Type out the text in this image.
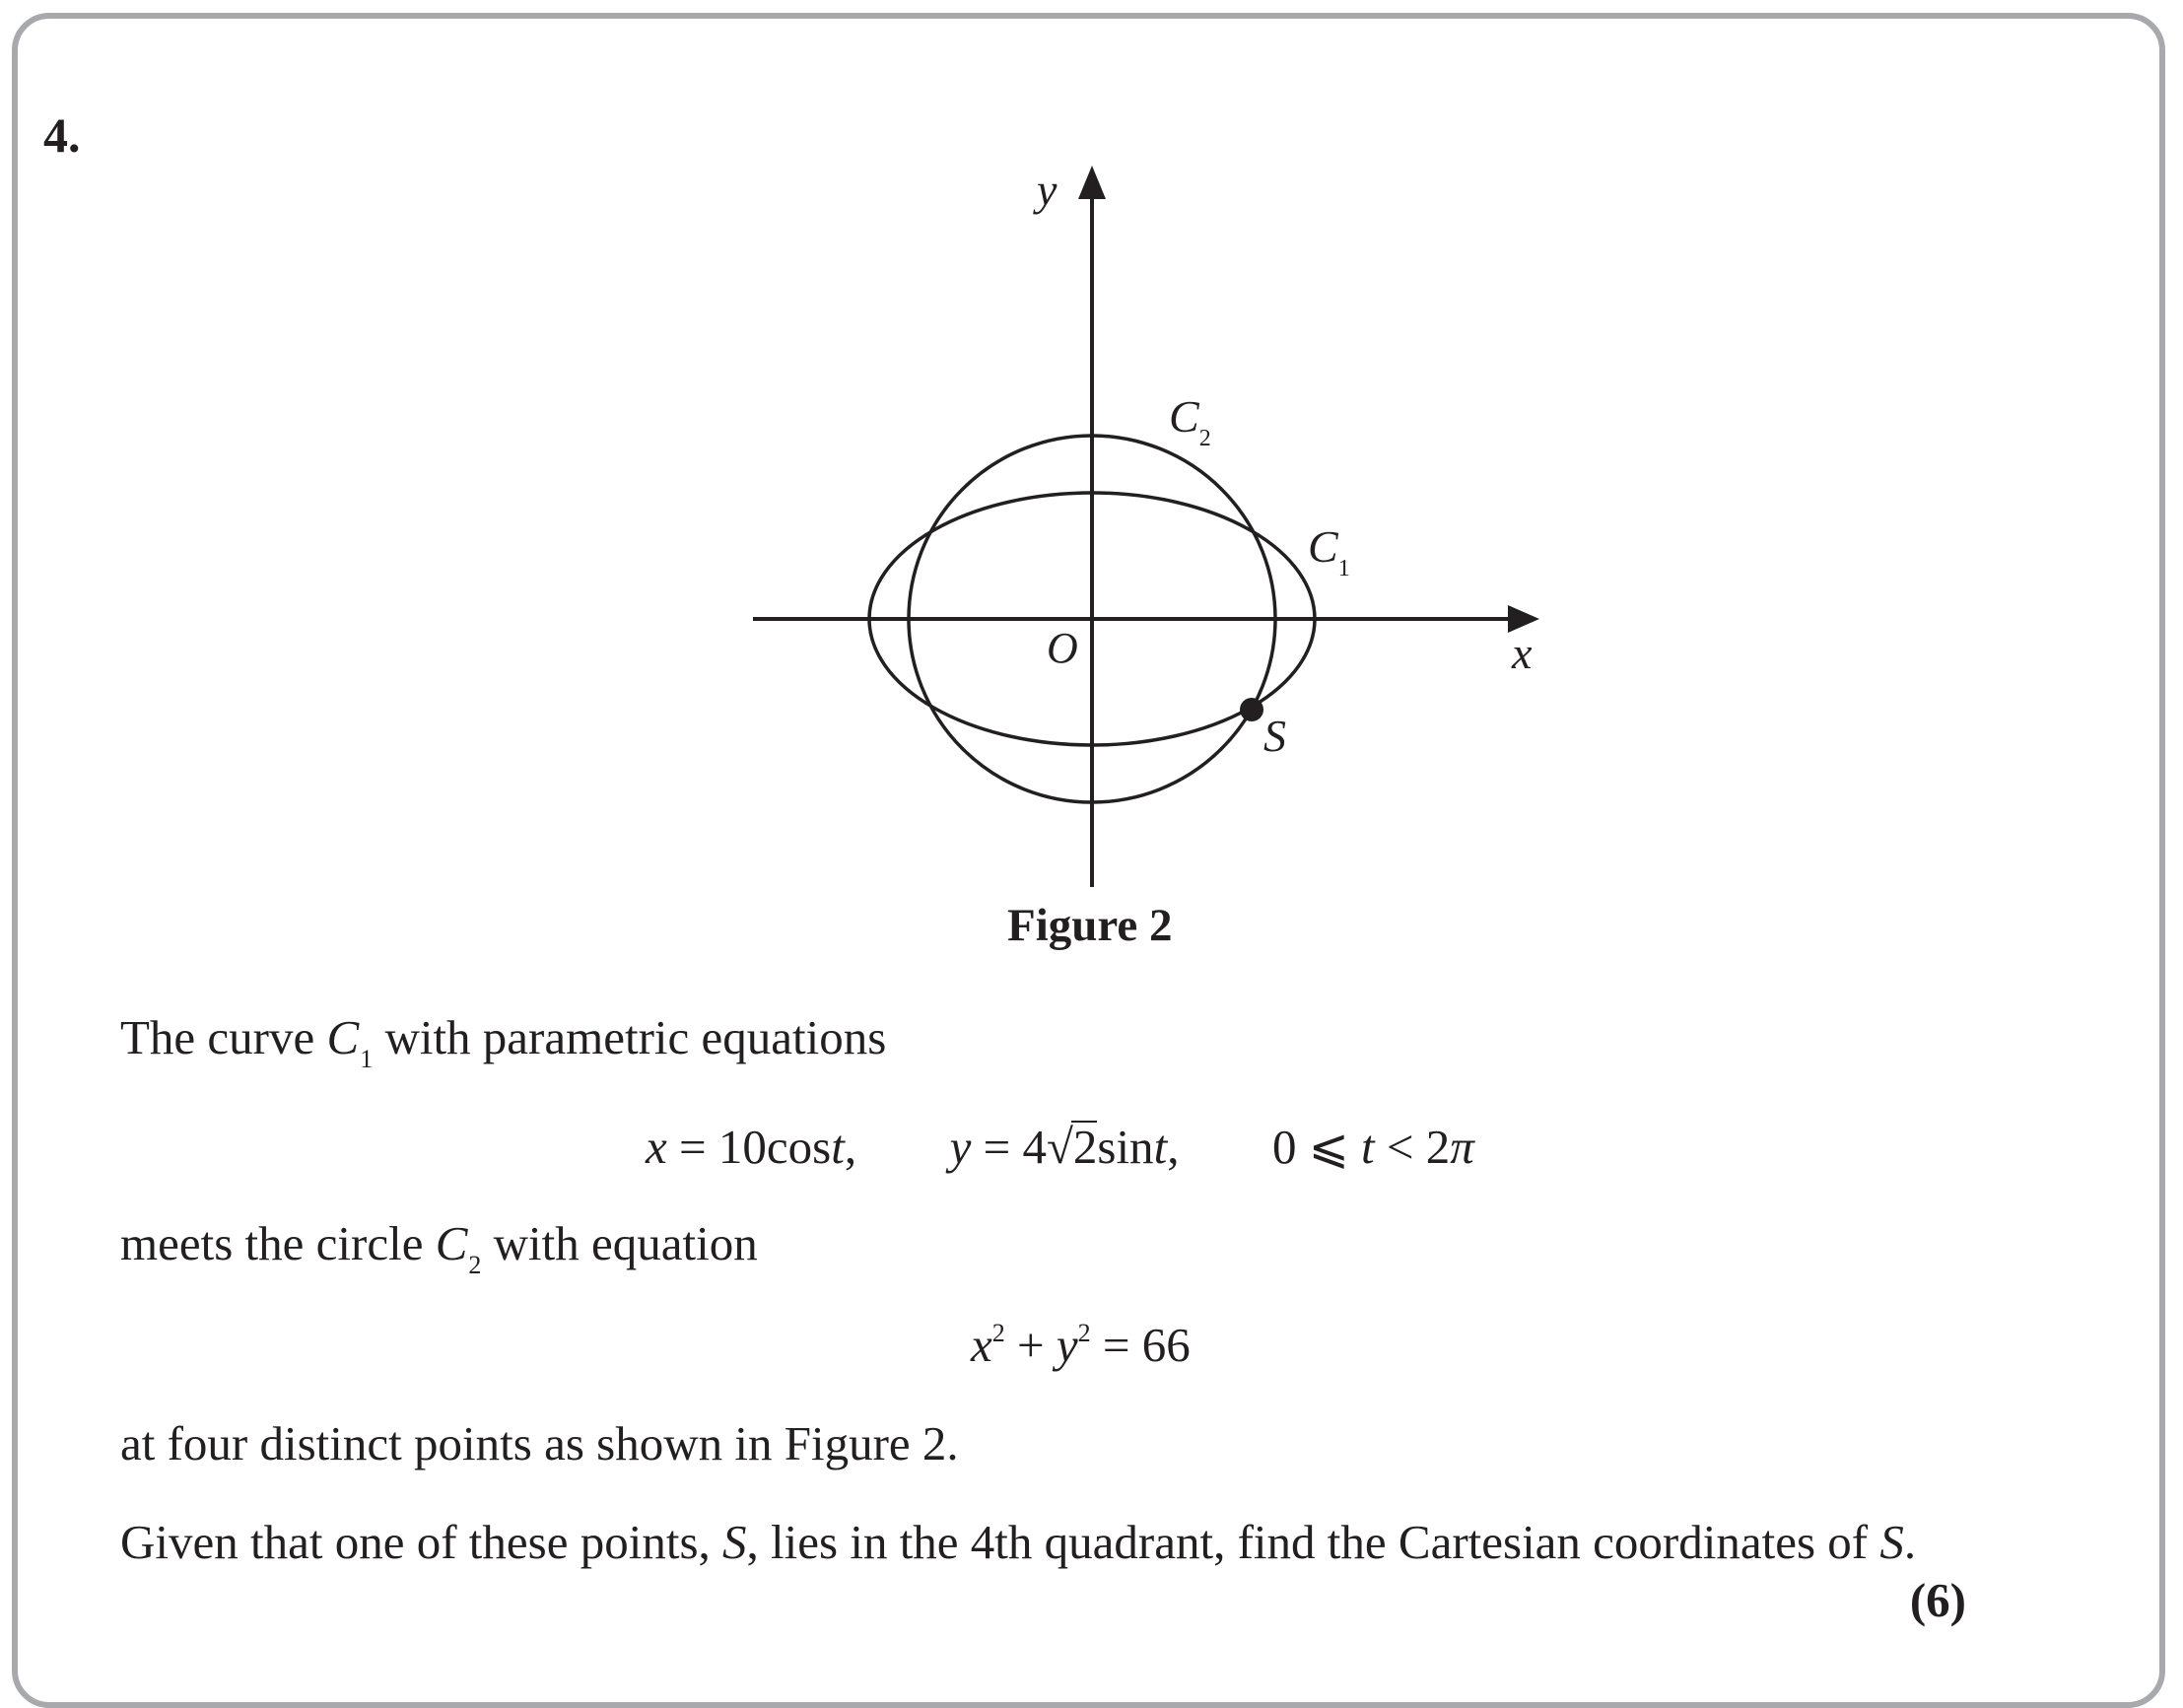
4.
y
x
O
$C_2$
$C_1$
S
Figure 2
The curve $C_1$ with parametric equations
x = 10cost, y = 4√2sint, 0 ⩽ t < 2π
meets the circle $C_2$ with equation
$x^2 + y^2 = 66$
at four distinct points as shown in Figure 2.
Given that one of these points, S, lies in the 4th quadrant, find the Cartesian coordinates of S.
(6)
